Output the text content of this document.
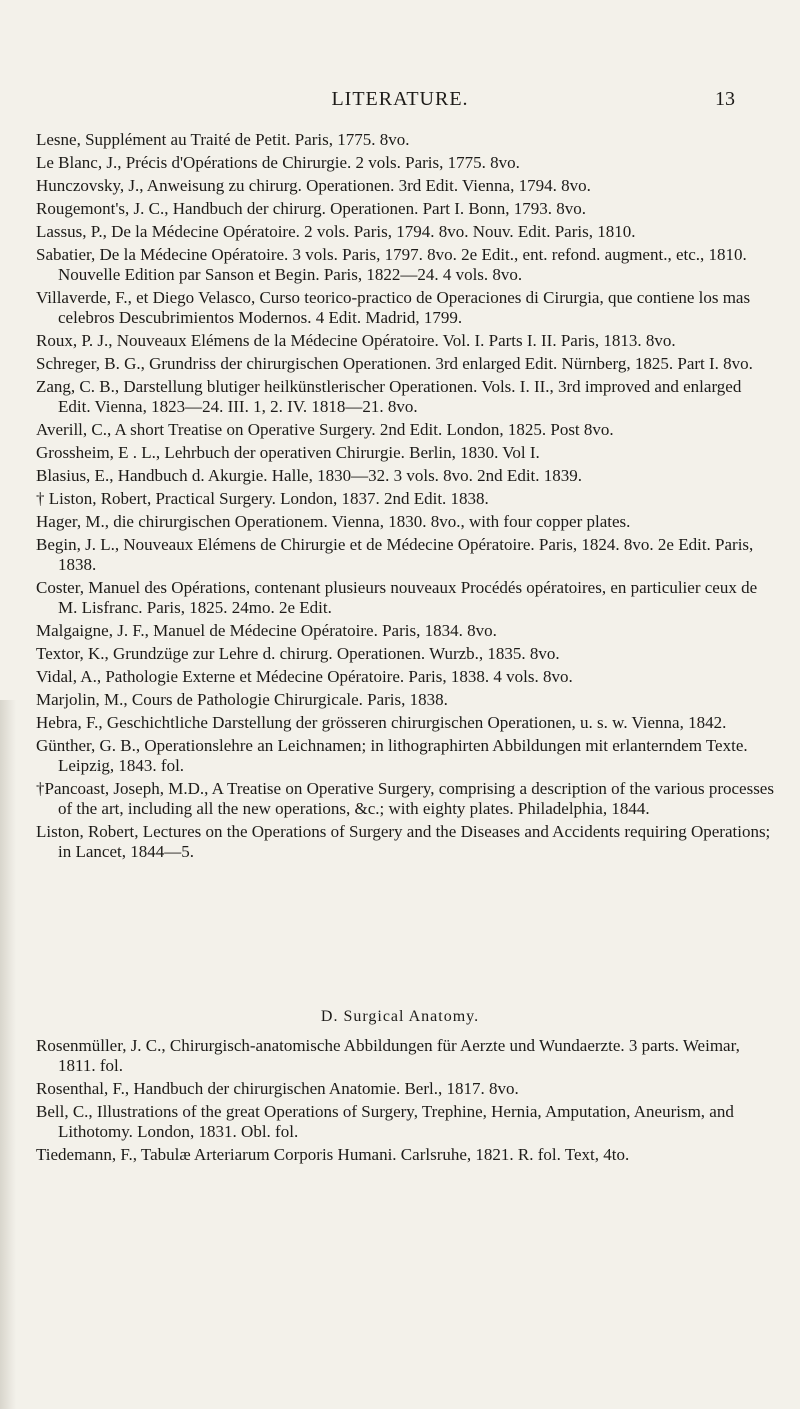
LITERATURE.	13

Lesne, Supplément au Traité de Petit. Paris, 1775. 8vo.

Le Blanc, J., Précis d'Opérations de Chirurgie. 2 vols. Paris, 1775. 8vo.

Hunczovsky, J., Anweisung zu chirurg. Operationen. 3rd Edit. Vienna, 1794. 8vo.

Rougemont's, J. C., Handbuch der chirurg. Operationen. Part I. Bonn, 1793. 8vo.

Lassus, P., De la Médecine Opératoire. 2 vols. Paris, 1794. 8vo. Nouv. Edit. Paris, 1810.

Sabatier, De la Médecine Opératoire. 3 vols. Paris, 1797. 8vo. 2e Edit., ent. refond. augment., etc., 1810. Nouvelle Edition par Sanson et Begin. Paris, 1822—24. 4 vols. 8vo.

Villaverde, F., et Diego Velasco, Curso teorico-practico de Operaciones di Cirurgia, que contiene los mas celebros Descubrimientos Modernos. 4 Edit. Madrid, 1799.

Roux, P. J., Nouveaux Elémens de la Médecine Opératoire. Vol. I. Parts I. II. Paris, 1813. 8vo.

Schreger, B. G., Grundriss der chirurgischen Operationen. 3rd enlarged Edit. Nürnberg, 1825. Part I. 8vo.

Zang, C. B., Darstellung blutiger heilkünstlerischer Operationen. Vols. I. II., 3rd improved and enlarged Edit. Vienna, 1823—24. III. 1, 2. IV. 1818—21. 8vo.

Averill, C., A short Treatise on Operative Surgery. 2nd Edit. London, 1825. Post 8vo.

Grossheim, E . L., Lehrbuch der operativen Chirurgie. Berlin, 1830. Vol I.

Blasius, E., Handbuch d. Akurgie. Halle, 1830—32. 3 vols. 8vo. 2nd Edit. 1839.

† Liston, Robert, Practical Surgery. London, 1837. 2nd Edit. 1838.

Hager, M., die chirurgischen Operationem. Vienna, 1830. 8vo., with four copper plates.

Begin, J. L., Nouveaux Elémens de Chirurgie et de Médecine Opératoire. Paris, 1824. 8vo. 2e Edit. Paris, 1838.

Coster, Manuel des Opérations, contenant plusieurs nouveaux Procédés opératoires, en particulier ceux de M. Lisfranc. Paris, 1825. 24mo. 2e Edit.

Malgaigne, J. F., Manuel de Médecine Opératoire. Paris, 1834. 8vo.

Textor, K., Grundzüge zur Lehre d. chirurg. Operationen. Wurzb., 1835. 8vo.

Vidal, A., Pathologie Externe et Médecine Opératoire. Paris, 1838. 4 vols. 8vo.

Marjolin, M., Cours de Pathologie Chirurgicale. Paris, 1838.

Hebra, F., Geschichtliche Darstellung der grösseren chirurgischen Operationen, u. s. w. Vienna, 1842.

Günther, G. B., Operationslehre an Leichnamen; in lithographirten Abbildungen mit erlanterndem Texte. Leipzig, 1843. fol.

†Pancoast, Joseph, M.D., A Treatise on Operative Surgery, comprising a description of the various processes of the art, including all the new operations, &c.; with eighty plates. Philadelphia, 1844.

Liston, Robert, Lectures on the Operations of Surgery and the Diseases and Accidents requiring Operations; in Lancet, 1844—5.

D. Surgical Anatomy.

Rosenmüller, J. C., Chirurgisch-anatomische Abbildungen für Aerzte und Wundaerzte. 3 parts. Weimar, 1811. fol.

Rosenthal, F., Handbuch der chirurgischen Anatomie. Berl., 1817. 8vo.

Bell, C., Illustrations of the great Operations of Surgery, Trephine, Hernia, Amputation, Aneurism, and Lithotomy. London, 1831. Obl. fol.

Tiedemann, F., Tabulæ Arteriarum Corporis Humani. Carlsruhe, 1821. R. fol. Text, 4to.
